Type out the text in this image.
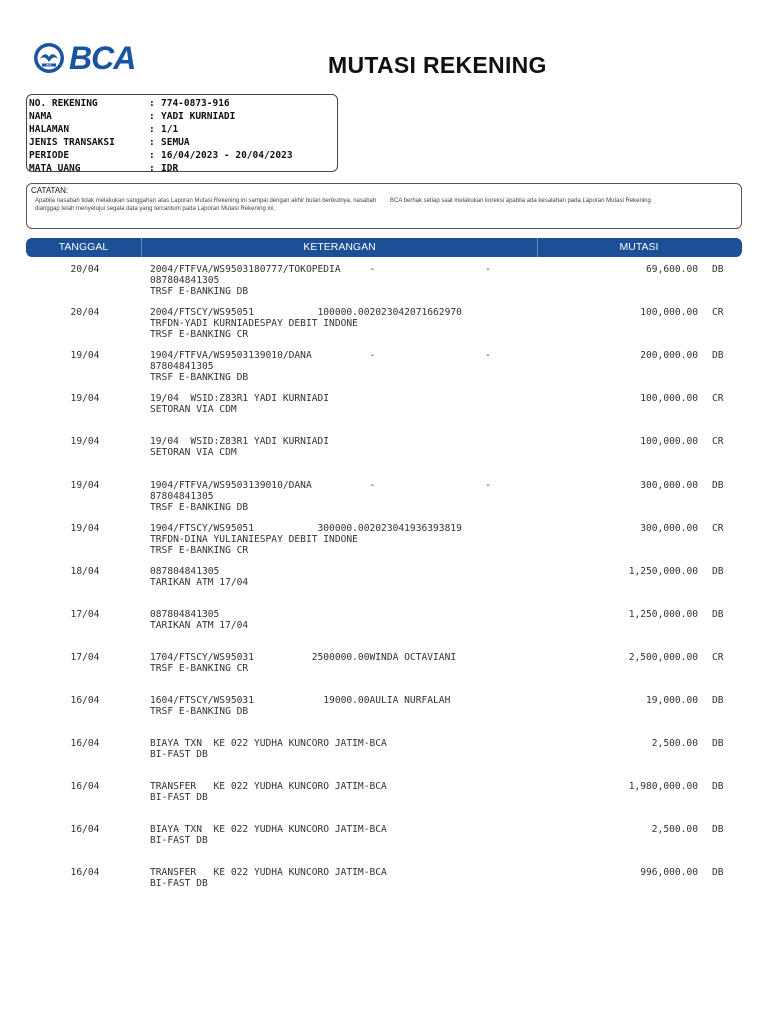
BCA BCA	MUTASI REKENING
NO. REKENING	: 774-0873-916
NAMA	: YADI KURNIADI
HALAMAN	: 1/1
JENIS TRANSAKSI	: SEMUA
PERIODE	: 16/04/2023 - 20/04/2023
MATA UANG	: IDR
CATATAN:
Apabila nasabah tidak melakukan sanggahan atas Laporan Mutasi Rekening ini sampai dengan akhir bulan berikutnya, nasabah dianggap telah menyetujui segala data yang tercantum pada Laporan Mutasi Rekening ini.
BCA berhak setiap saat melakukan koreksi apabila ada kesalahan pada Laporan Mutasi Rekening
TANGGAL	KETERANGAN	MUTASI
20/04	2004/FTFVA/WS9503180777/TOKOPEDIA     -                   -
087804841305
TRSF E-BANKING DB
69,600.00 DB
20/04	2004/FTSCY/WS95051           100000.002023042071662970
TRFDN-YADI KURNIADESPAY DEBIT INDONE
TRSF E-BANKING CR
100,000.00 CR
19/04	1904/FTFVA/WS9503139010/DANA          -                   -
87804841305
TRSF E-BANKING DB
200,000.00 DB
19/04	19/04  WSID:Z83R1 YADI KURNIADI
SETORAN VIA CDM
100,000.00 CR
19/04	19/04  WSID:Z83R1 YADI KURNIADI
SETORAN VIA CDM
100,000.00 CR
19/04	1904/FTFVA/WS9503139010/DANA          -                   -
87804841305
TRSF E-BANKING DB
300,000.00 DB
19/04	1904/FTSCY/WS95051           300000.002023041936393819
TRFDN-DINA YULIANIESPAY DEBIT INDONE
TRSF E-BANKING CR
300,000.00 CR
18/04	087804841305
TARIKAN ATM 17/04
1,250,000.00 DB
17/04	087804841305
TARIKAN ATM 17/04
1,250,000.00 DB
17/04	1704/FTSCY/WS95031          2500000.00WINDA OCTAVIANI
TRSF E-BANKING CR
2,500,000.00 CR
16/04	1604/FTSCY/WS95031            19000.00AULIA NURFALAH
TRSF E-BANKING DB
19,000.00 DB
16/04	BIAYA TXN  KE 022 YUDHA KUNCORO JATIM-BCA
BI-FAST DB
2,500.00 DB
16/04	TRANSFER   KE 022 YUDHA KUNCORO JATIM-BCA
BI-FAST DB
1,980,000.00 DB
16/04	BIAYA TXN  KE 022 YUDHA KUNCORO JATIM-BCA
BI-FAST DB
2,500.00 DB
16/04	TRANSFER   KE 022 YUDHA KUNCORO JATIM-BCA
BI-FAST DB
996,000.00 DB
